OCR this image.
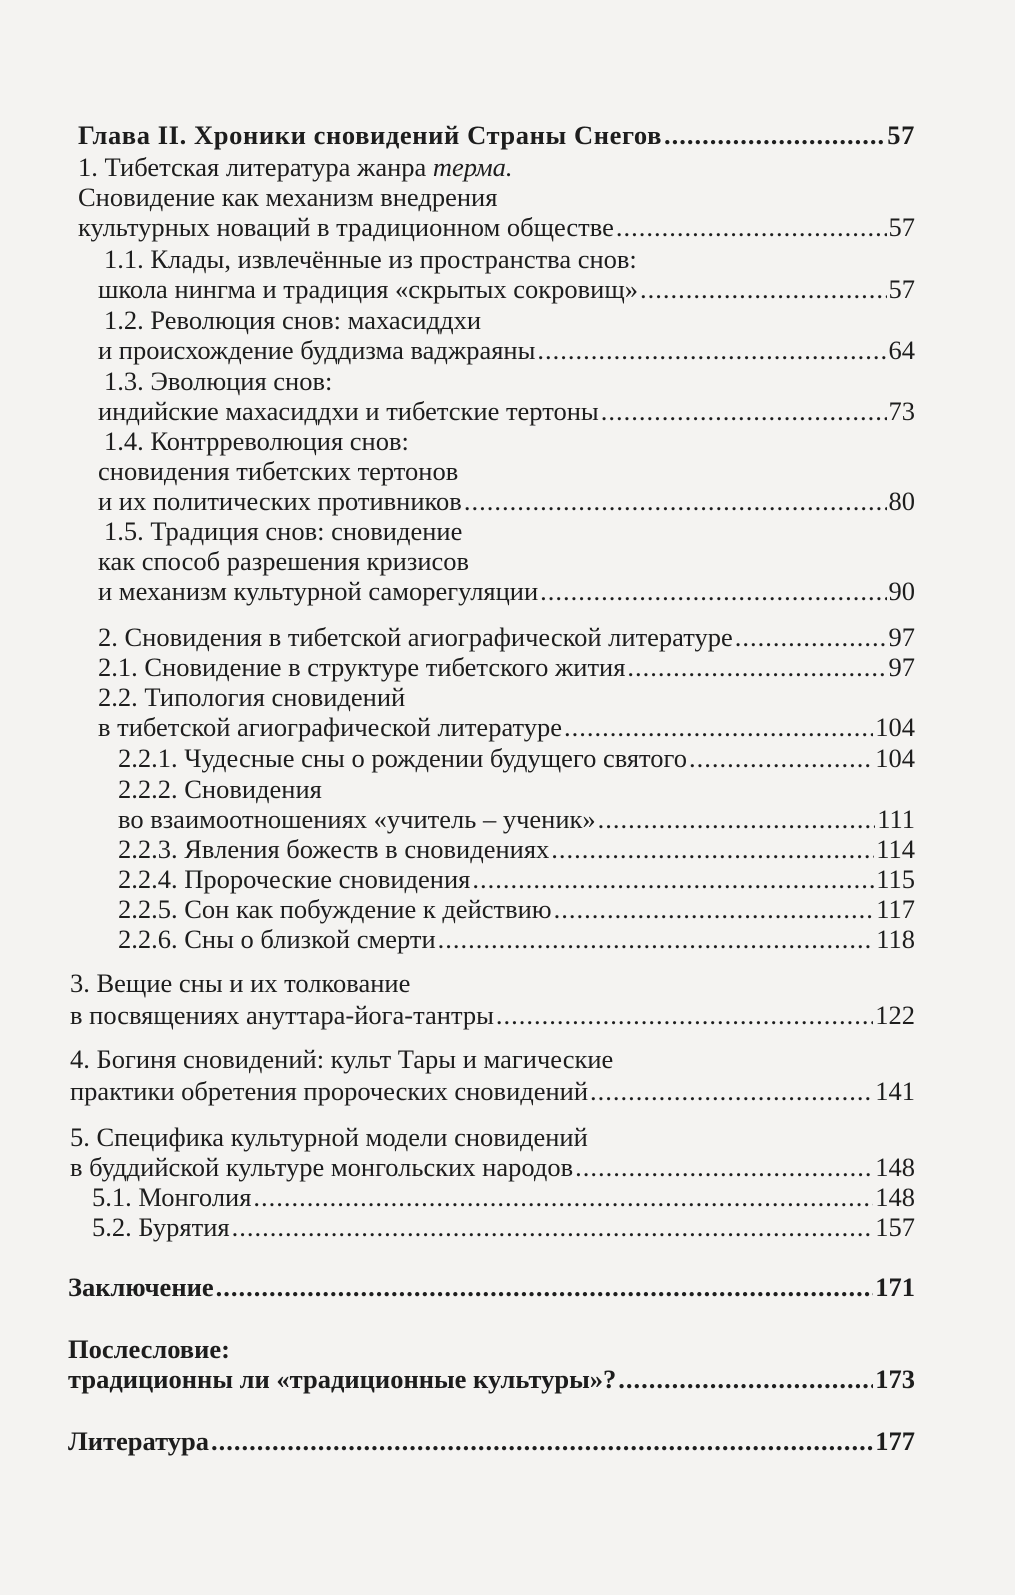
Глава II. Хроники сновидений Страны Снегов .....	57
1. Тибетская литература жанра терма.
Сновидение как механизм внедрения
культурных новаций в традиционном обществе .....	57
1.1. Клады, извлечённые из пространства снов:
школа нингма и традиция «скрытых сокровищ» .....	57
1.2. Революция снов: махасиддхи
и происхождение буддизма ваджраяны .....	64
1.3. Эволюция снов:
индийские махасиддхи и тибетские тертоны .....	73
1.4. Контрреволюция снов:
сновидения тибетских тертонов
и их политических противников .....	80
1.5. Традиция снов: сновидение
как способ разрешения кризисов
и механизм культурной саморегуляции .....	90
2. Сновидения в тибетской агиографической литературе .....	97
2.1. Сновидение в структуре тибетского жития .....	97
2.2. Типология сновидений
в тибетской агиографической литературе .....	104
2.2.1. Чудесные сны о рождении будущего святого .....	104
2.2.2. Сновидения
во взаимоотношениях «учитель – ученик» .....	111
2.2.3. Явления божеств в сновидениях .....	114
2.2.4. Пророческие сновидения .....	115
2.2.5. Сон как побуждение к действию .....	117
2.2.6. Сны о близкой смерти .....	118
3. Вещие сны и их толкование
в посвящениях ануттара-йога-тантры .....	122
4. Богиня сновидений: культ Тары и магические
практики обретения пророческих сновидений .....	141
5. Специфика культурной модели сновидений
в буддийской культуре монгольских народов .....	148
5.1. Монголия .....	148
5.2. Бурятия .....	157
Заключение .....	171
Послесловие:
традиционны ли «традиционные культуры»? .....	173
Литература .....	177
